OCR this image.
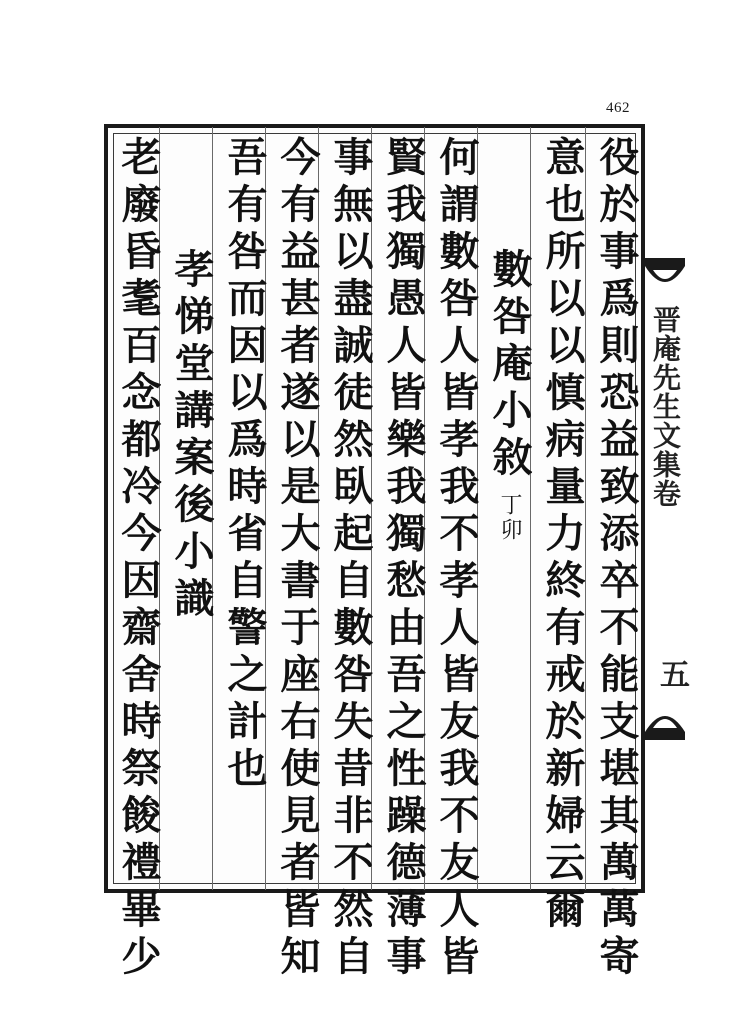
462
晋庵先生文集卷
五
役於事爲則恐益致添卒不能支堪其萬萬寄
意也所以以慎病量力終有戒於新婦云爾
數咎庵小敘丁卯
何謂數咎人皆孝我不孝人皆友我不友人皆
賢我獨愚人皆樂我獨愁由吾之性躁德薄事
事無以盡誠徒然臥起自數咎失昔非不然自
今有益甚者遂以是大書于座右使見者皆知
吾有咎而因以爲時省自警之計也
孝悌堂講案後小識
老廢昏耄百念都冷今因齋舍時祭餕禮畢少
